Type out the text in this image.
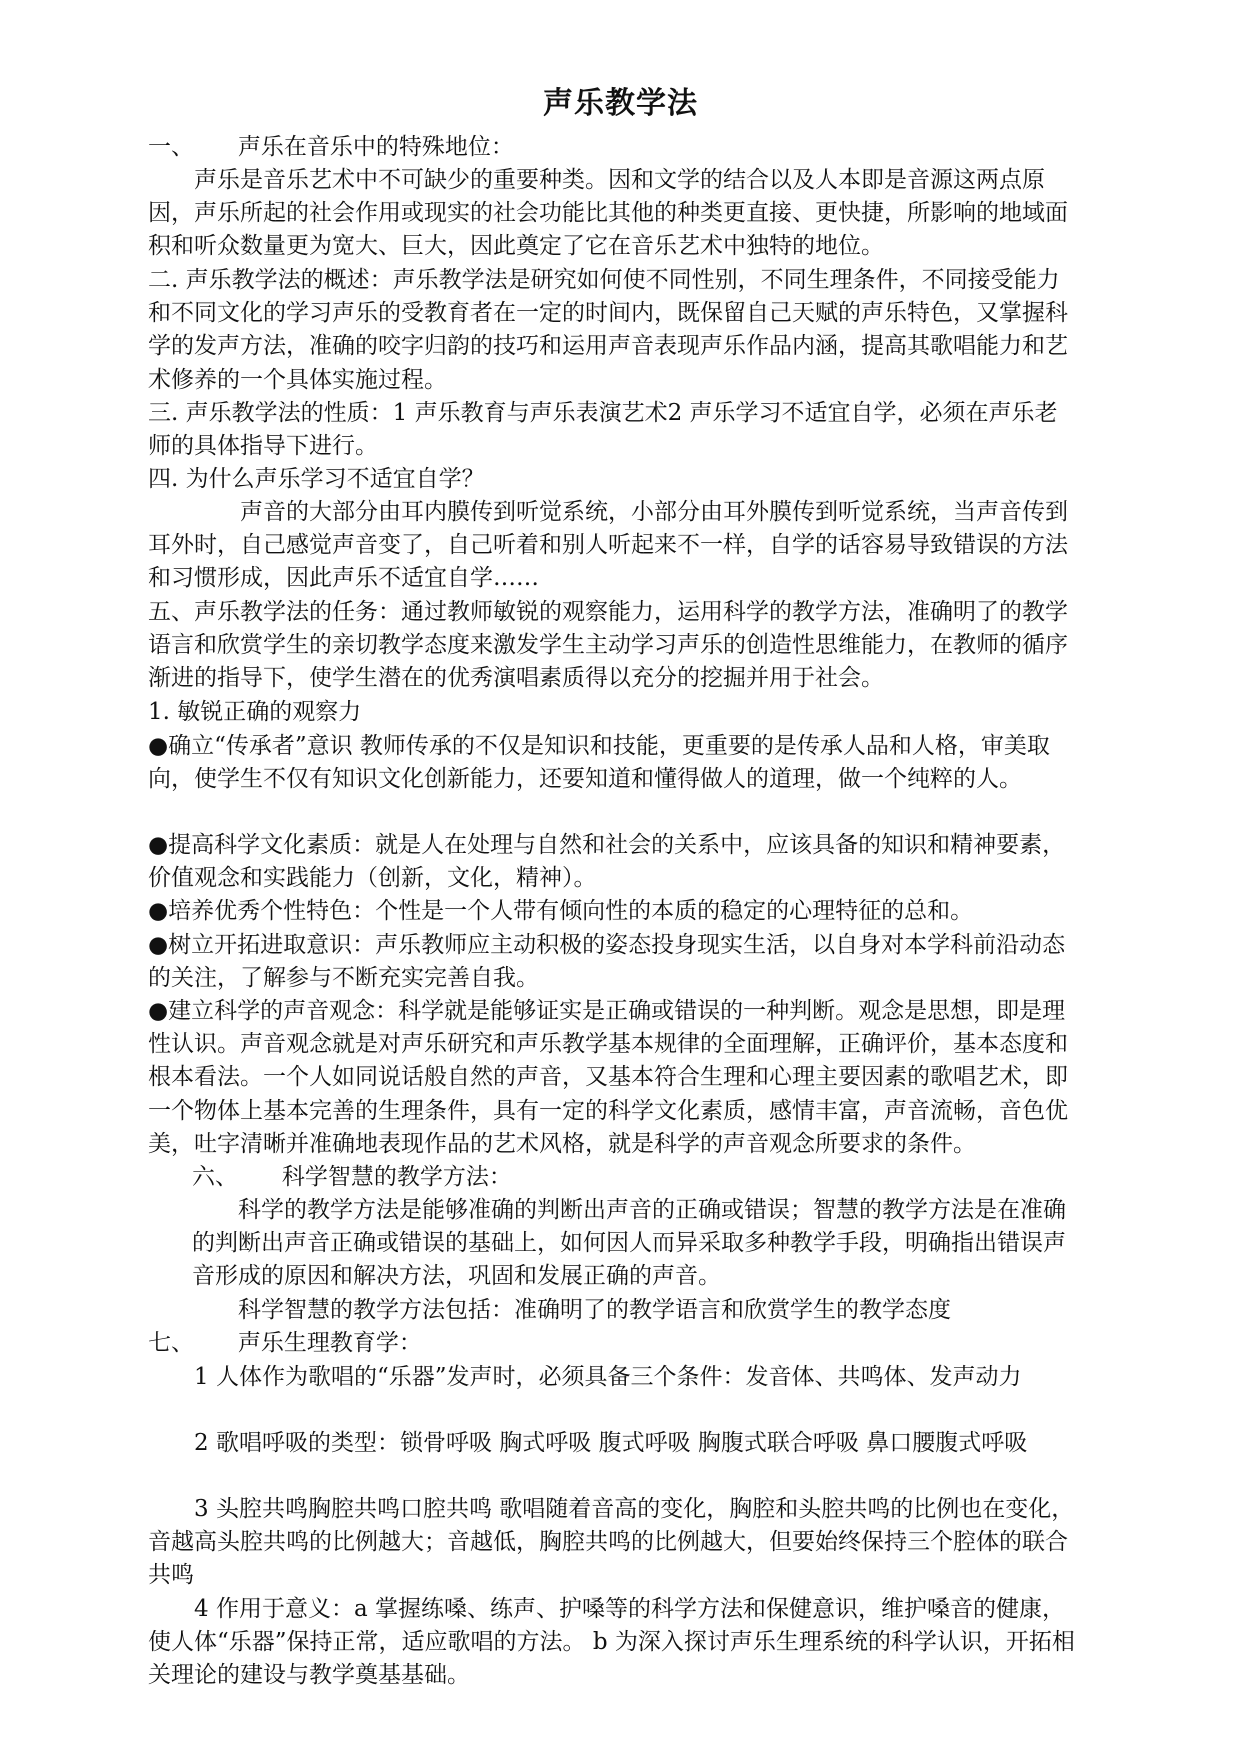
声乐教学法
一、      声乐在音乐中的特殊地位：
声乐是音乐艺术中不可缺少的重要种类。因和文学的结合以及人本即是音源这两点原因，声乐所起的社会作用或现实的社会功能比其他的种类更直接、更快捷，所影响的地域面积和听众数量更为宽大、巨大，因此奠定了它在音乐艺术中独特的地位。
二. 声乐教学法的概述：声乐教学法是研究如何使不同性别，不同生理条件，不同接受能力和不同文化的学习声乐的受教育者在一定的时间内，既保留自己天赋的声乐特色，又掌握科学的发声方法，准确的咬字归韵的技巧和运用声音表现声乐作品内涵，提高其歌唱能力和艺术修养的一个具体实施过程。
三. 声乐教学法的性质：1 声乐教育与声乐表演艺术2 声乐学习不适宜自学，必须在声乐老师的具体指导下进行。
四. 为什么声乐学习不适宜自学？
声音的大部分由耳内膜传到听觉系统，小部分由耳外膜传到听觉系统，当声音传到耳外时，自己感觉声音变了，自己听着和别人听起来不一样，自学的话容易导致错误的方法和习惯形成，因此声乐不适宜自学……
五、声乐教学法的任务：通过教师敏锐的观察能力，运用科学的教学方法，准确明了的教学语言和欣赏学生的亲切教学态度来激发学生主动学习声乐的创造性思维能力，在教师的循序渐进的指导下，使学生潜在的优秀演唱素质得以充分的挖掘并用于社会。
1. 敏锐正确的观察力
●确立“传承者”意识 教师传承的不仅是知识和技能，更重要的是传承人品和人格，审美取向，使学生不仅有知识文化创新能力，还要知道和懂得做人的道理，做一个纯粹的人。
●提高科学文化素质：就是人在处理与自然和社会的关系中，应该具备的知识和精神要素，价值观念和实践能力（创新，文化，精神）。
●培养优秀个性特色：个性是一个人带有倾向性的本质的稳定的心理特征的总和。
●树立开拓进取意识：声乐教师应主动积极的姿态投身现实生活，以自身对本学科前沿动态的关注，了解参与不断充实完善自我。
●建立科学的声音观念：科学就是能够证实是正确或错误的一种判断。观念是思想，即是理性认识。声音观念就是对声乐研究和声乐教学基本规律的全面理解，正确评价，基本态度和根本看法。一个人如同说话般自然的声音，又基本符合生理和心理主要因素的歌唱艺术，即一个物体上基本完善的生理条件，具有一定的科学文化素质，感情丰富，声音流畅，音色优美，吐字清晰并准确地表现作品的艺术风格，就是科学的声音观念所要求的条件。
六、      科学智慧的教学方法：
科学的教学方法是能够准确的判断出声音的正确或错误；智慧的教学方法是在准确的判断出声音正确或错误的基础上，如何因人而异采取多种教学手段，明确指出错误声音形成的原因和解决方法，巩固和发展正确的声音。
科学智慧的教学方法包括：准确明了的教学语言和欣赏学生的教学态度
七、      声乐生理教育学：
1 人体作为歌唱的“乐器”发声时，必须具备三个条件：发音体、共鸣体、发声动力
2 歌唱呼吸的类型：锁骨呼吸 胸式呼吸 腹式呼吸 胸腹式联合呼吸 鼻口腰腹式呼吸
3 头腔共鸣胸腔共鸣口腔共鸣 歌唱随着音高的变化，胸腔和头腔共鸣的比例也在变化，音越高头腔共鸣的比例越大；音越低，胸腔共鸣的比例越大，但要始终保持三个腔体的联合共鸣
4 作用于意义：a 掌握练嗓、练声、护嗓等的科学方法和保健意识，维护嗓音的健康，使人体“乐器”保持正常，适应歌唱的方法。 b 为深入探讨声乐生理系统的科学认识，开拓相关理论的建设与教学奠基基础。
